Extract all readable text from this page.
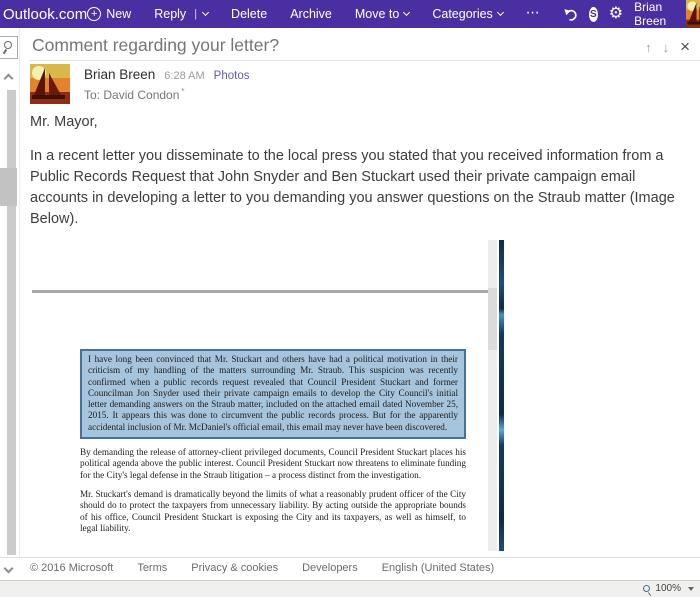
Outlook.com + New Reply |	Delete Archive Move to	Categories ⋯	S ⚙	Brian Breen
Comment regarding your letter?
↑
↓
×
Brian Breen 6:28 AM Photos
To: David Condon *
Mr. Mayor,
In a recent letter you disseminate to the local press you stated that you received information from a Public Records Request that John Snyder and Ben Stuckart used their private campaign email accounts in developing a letter to you demanding you answer questions on the Straub matter (Image Below).
I have long been convinced that Mr. Stuckart and others have had a political motivation in their criticism of my handling of the matters surrounding Mr. Straub. This suspicion was recently confirmed when a public records request revealed that Council President Stuckart and former Councilman Jon Snyder used their private campaign emails to develop the City Council's initial letter demanding answers on the Straub matter, included on the attached email dated November 25, 2015. It appears this was done to circumvent the public records process. But for the apparently accidental inclusion of Mr. McDaniel's official email, this email may never have been discovered.
By demanding the release of attorney-client privileged documents, Council President Stuckart places his political agenda above the public interest. Council President Stuckart now threatens to eliminate funding for the City's legal defense in the Straub litigation – a process distinct from the investigation.
Mr. Stuckart's demand is dramatically beyond the limits of what a reasonably prudent officer of the City should do to protect the taxpayers from unnecessary liability. By acting outside the appropriate bounds of his office, Council President Stuckart is exposing the City and its taxpayers, as well as himself, to legal liability.
© 2016 Microsoft Terms Privacy & cookies Developers English (United States)
100%
